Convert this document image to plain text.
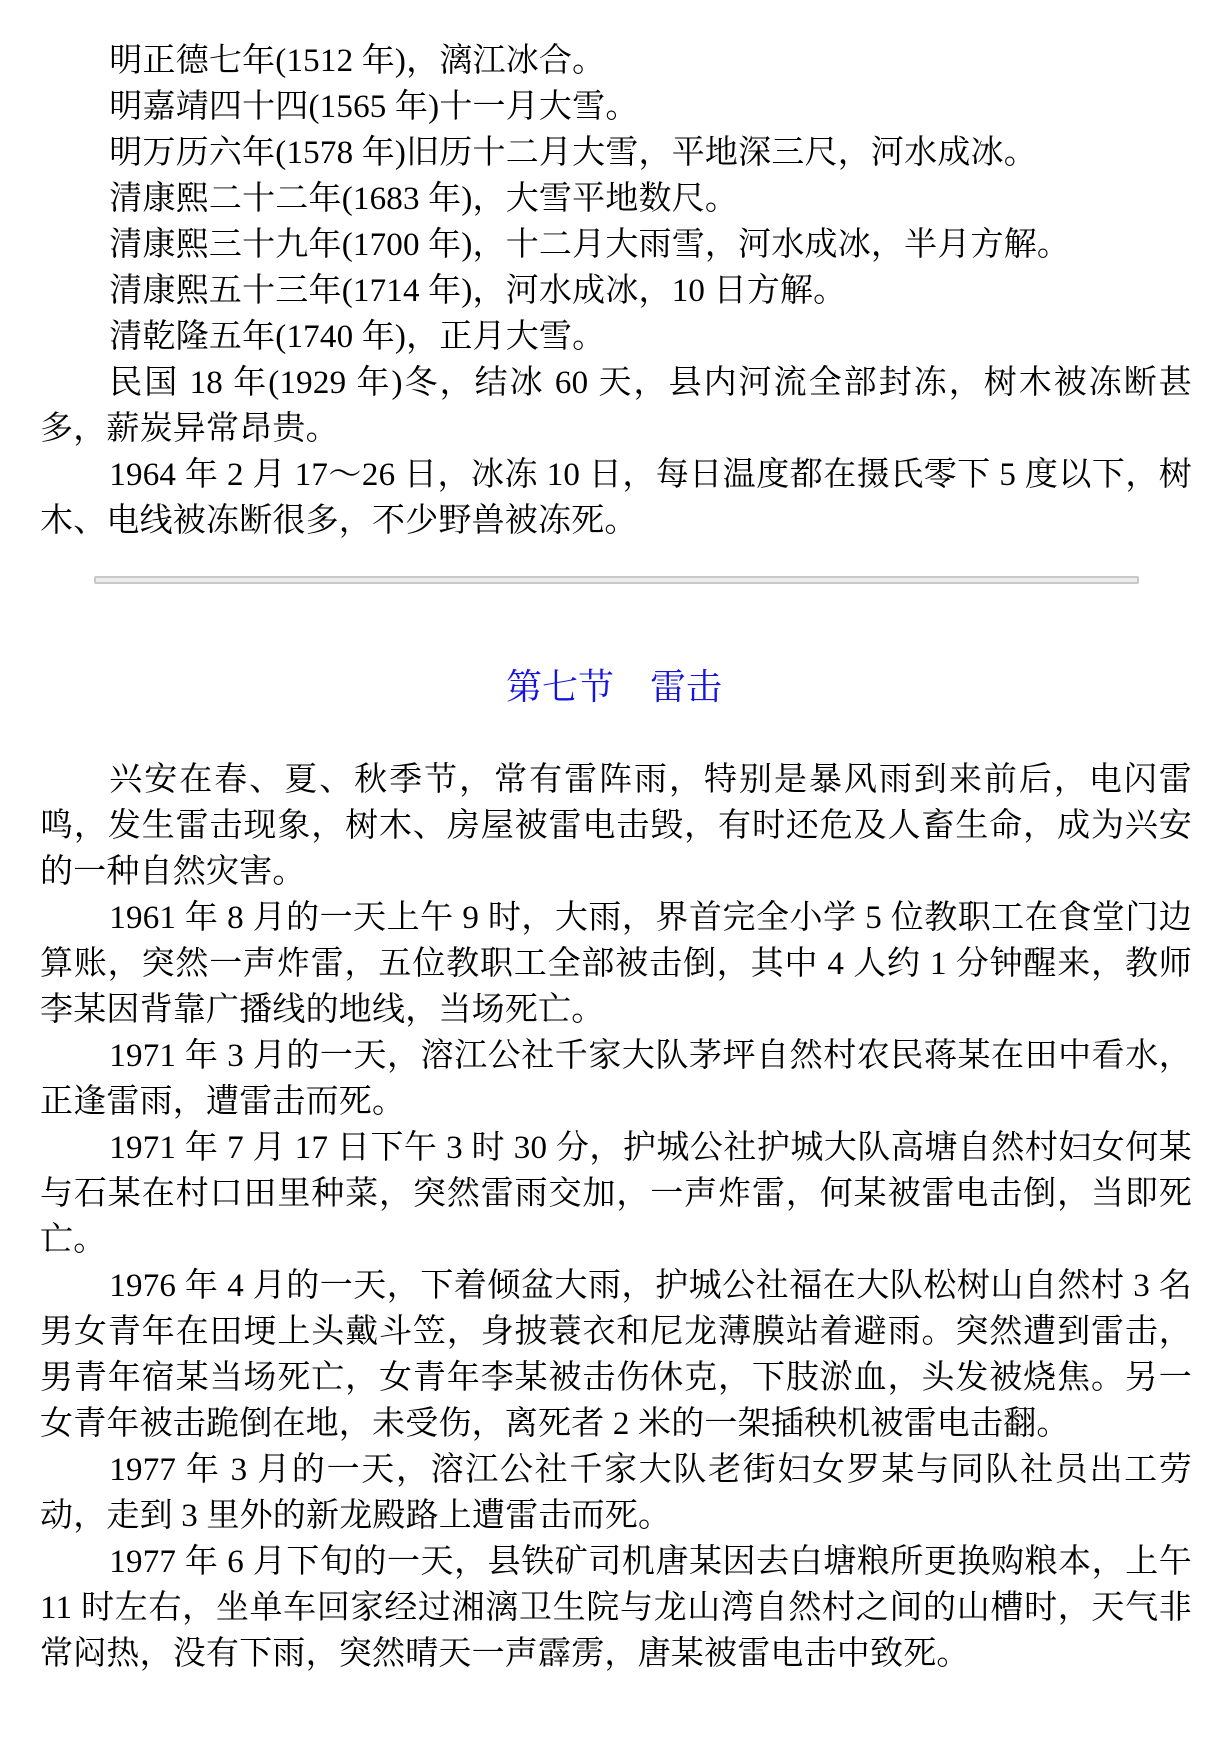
明正德七年(1512 年)，漓江冰合。

明嘉靖四十四(1565 年)十一月大雪。

明万历六年(1578 年)旧历十二月大雪，平地深三尺，河水成冰。

清康熙二十二年(1683 年)，大雪平地数尺。

清康熙三十九年(1700 年)，十二月大雨雪，河水成冰，半月方解。

清康熙五十三年(1714 年)，河水成冰，10 日方解。

清乾隆五年(1740 年)，正月大雪。

民国 18 年(1929 年)冬，结冰 60 天，县内河流全部封冻，树木被冻断甚多，薪炭异常昂贵。

1964 年 2 月 17～26 日，冰冻 10 日，每日温度都在摄氏零下 5 度以下，树木、电线被冻断很多，不少野兽被冻死。

第七节　雷击

兴安在春、夏、秋季节，常有雷阵雨，特别是暴风雨到来前后，电闪雷鸣，发生雷击现象，树木、房屋被雷电击毁，有时还危及人畜生命，成为兴安的一种自然灾害。

1961 年 8 月的一天上午 9 时，大雨，界首完全小学 5 位教职工在食堂门边算账，突然一声炸雷，五位教职工全部被击倒，其中 4 人约 1 分钟醒来，教师李某因背靠广播线的地线，当场死亡。

1971 年 3 月的一天，溶江公社千家大队茅坪自然村农民蒋某在田中看水，正逢雷雨，遭雷击而死。

1971 年 7 月 17 日下午 3 时 30 分，护城公社护城大队高塘自然村妇女何某与石某在村口田里种菜，突然雷雨交加，一声炸雷，何某被雷电击倒，当即死亡。

1976 年 4 月的一天，下着倾盆大雨，护城公社福在大队松树山自然村 3 名男女青年在田埂上头戴斗笠，身披蓑衣和尼龙薄膜站着避雨。突然遭到雷击，男青年宿某当场死亡，女青年李某被击伤休克，下肢淤血，头发被烧焦。另一女青年被击跪倒在地，未受伤，离死者 2 米的一架插秧机被雷电击翻。

1977 年 3 月的一天，溶江公社千家大队老街妇女罗某与同队社员出工劳动，走到 3 里外的新龙殿路上遭雷击而死。

1977 年 6 月下旬的一天，县铁矿司机唐某因去白塘粮所更换购粮本，上午 11 时左右，坐单车回家经过湘漓卫生院与龙山湾自然村之间的山槽时，天气非常闷热，没有下雨，突然晴天一声霹雳，唐某被雷电击中致死。
